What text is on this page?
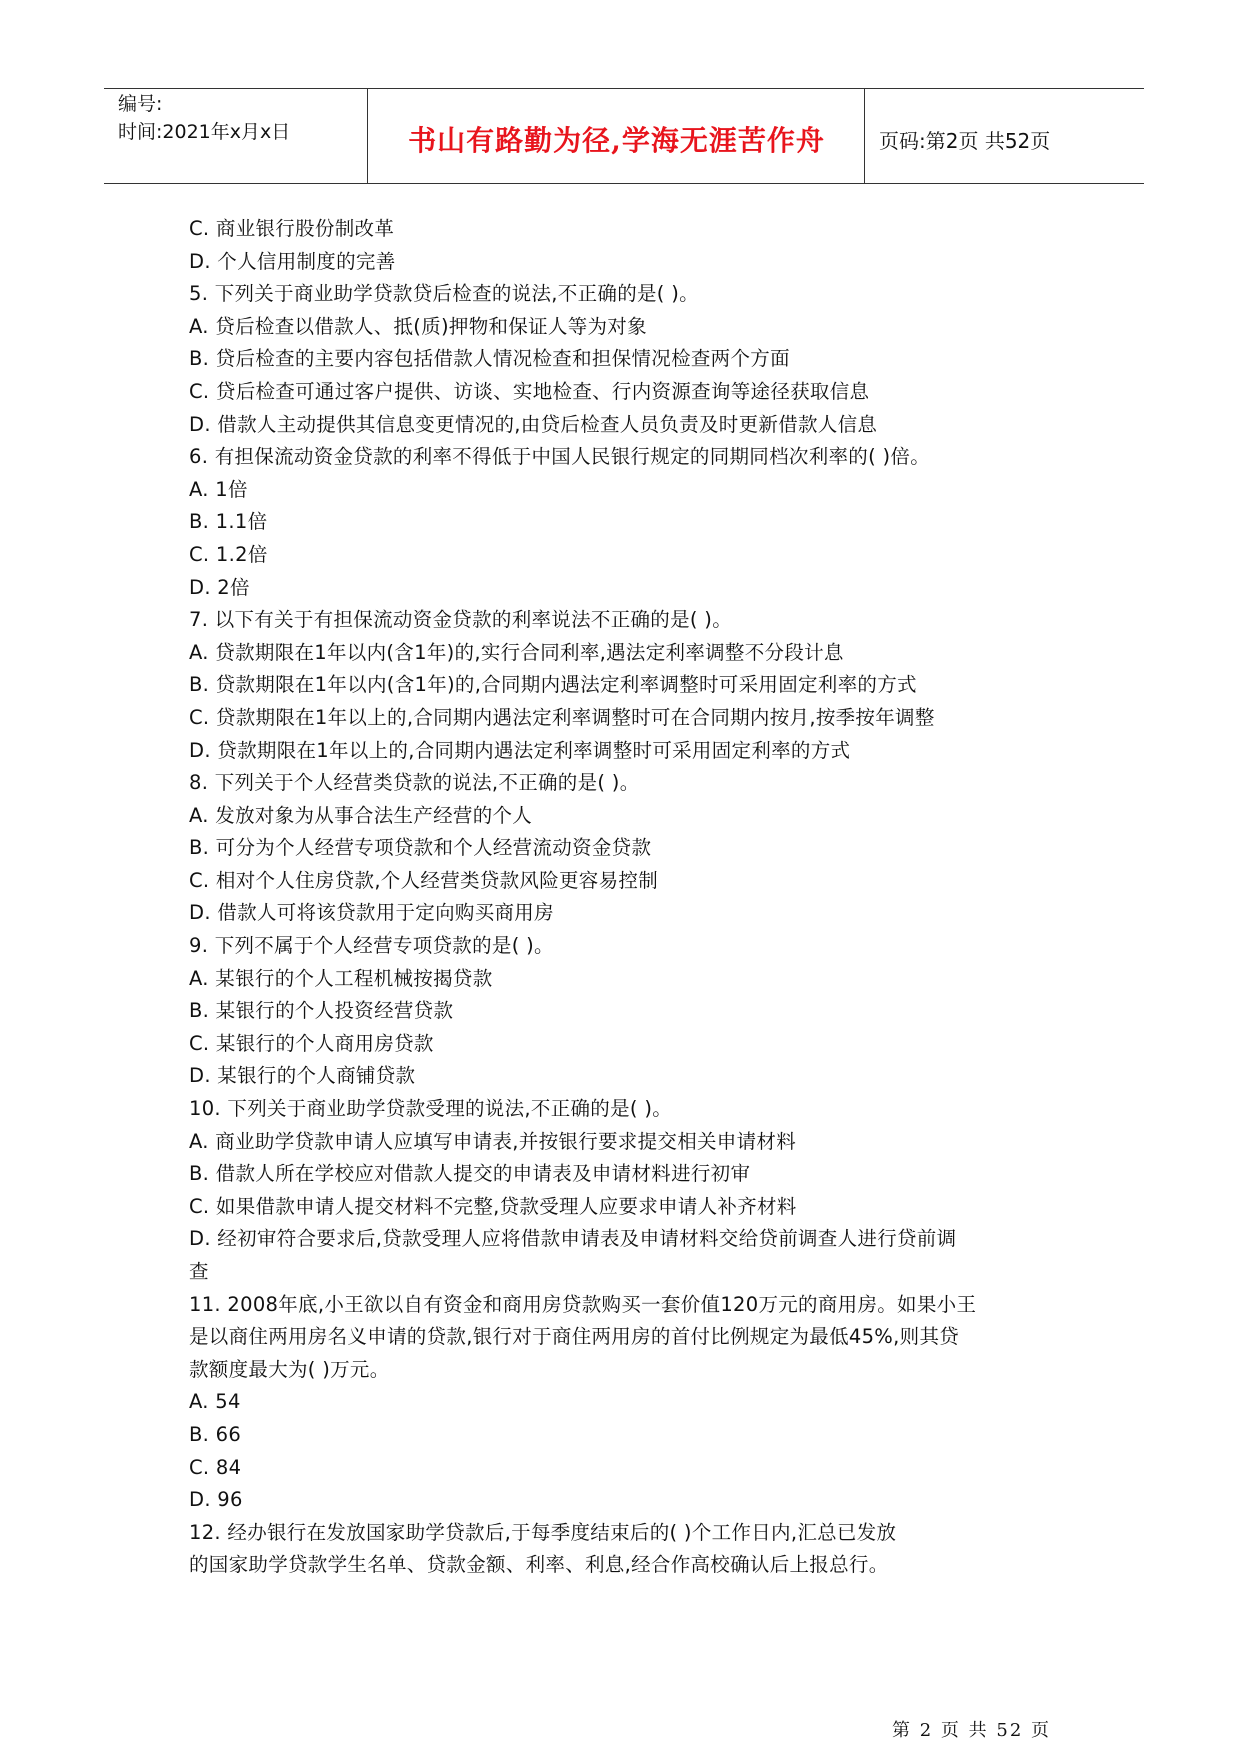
编号:
时间:2021年x月x日	书山有路勤为径,学海无涯苦作舟	页码:第2页 共52页
C. 商业银行股份制改革
D. 个人信用制度的完善
5. 下列关于商业助学贷款贷后检查的说法,不正确的是( )。
A. 贷后检查以借款人、抵(质)押物和保证人等为对象
B. 贷后检查的主要内容包括借款人情况检查和担保情况检查两个方面
C. 贷后检查可通过客户提供、访谈、实地检查、行内资源查询等途径获取信息
D. 借款人主动提供其信息变更情况的,由贷后检查人员负责及时更新借款人信息
6. 有担保流动资金贷款的利率不得低于中国人民银行规定的同期同档次利率的( )倍。
A. 1倍
B. 1.1倍
C. 1.2倍
D. 2倍
7. 以下有关于有担保流动资金贷款的利率说法不正确的是( )。
A. 贷款期限在1年以内(含1年)的,实行合同利率,遇法定利率调整不分段计息
B. 贷款期限在1年以内(含1年)的,合同期内遇法定利率调整时可采用固定利率的方式
C. 贷款期限在1年以上的,合同期内遇法定利率调整时可在合同期内按月,按季按年调整
D. 贷款期限在1年以上的,合同期内遇法定利率调整时可采用固定利率的方式
8. 下列关于个人经营类贷款的说法,不正确的是( )。
A. 发放对象为从事合法生产经营的个人
B. 可分为个人经营专项贷款和个人经营流动资金贷款
C. 相对个人住房贷款,个人经营类贷款风险更容易控制
D. 借款人可将该贷款用于定向购买商用房
9. 下列不属于个人经营专项贷款的是( )。
A. 某银行的个人工程机械按揭贷款
B. 某银行的个人投资经营贷款
C. 某银行的个人商用房贷款
D. 某银行的个人商铺贷款
10. 下列关于商业助学贷款受理的说法,不正确的是( )。
A. 商业助学贷款申请人应填写申请表,并按银行要求提交相关申请材料
B. 借款人所在学校应对借款人提交的申请表及申请材料进行初审
C. 如果借款申请人提交材料不完整,贷款受理人应要求申请人补齐材料
D. 经初审符合要求后,贷款受理人应将借款申请表及申请材料交给贷前调查人进行贷前调
查
11. 2008年底,小王欲以自有资金和商用房贷款购买一套价值120万元的商用房。如果小王
是以商住两用房名义申请的贷款,银行对于商住两用房的首付比例规定为最低45%,则其贷
款额度最大为( )万元。
A. 54
B. 66
C. 84
D. 96
12. 经办银行在发放国家助学贷款后,于每季度结束后的( )个工作日内,汇总已发放
的国家助学贷款学生名单、贷款金额、利率、利息,经合作高校确认后上报总行。
第 2 页 共 52 页
